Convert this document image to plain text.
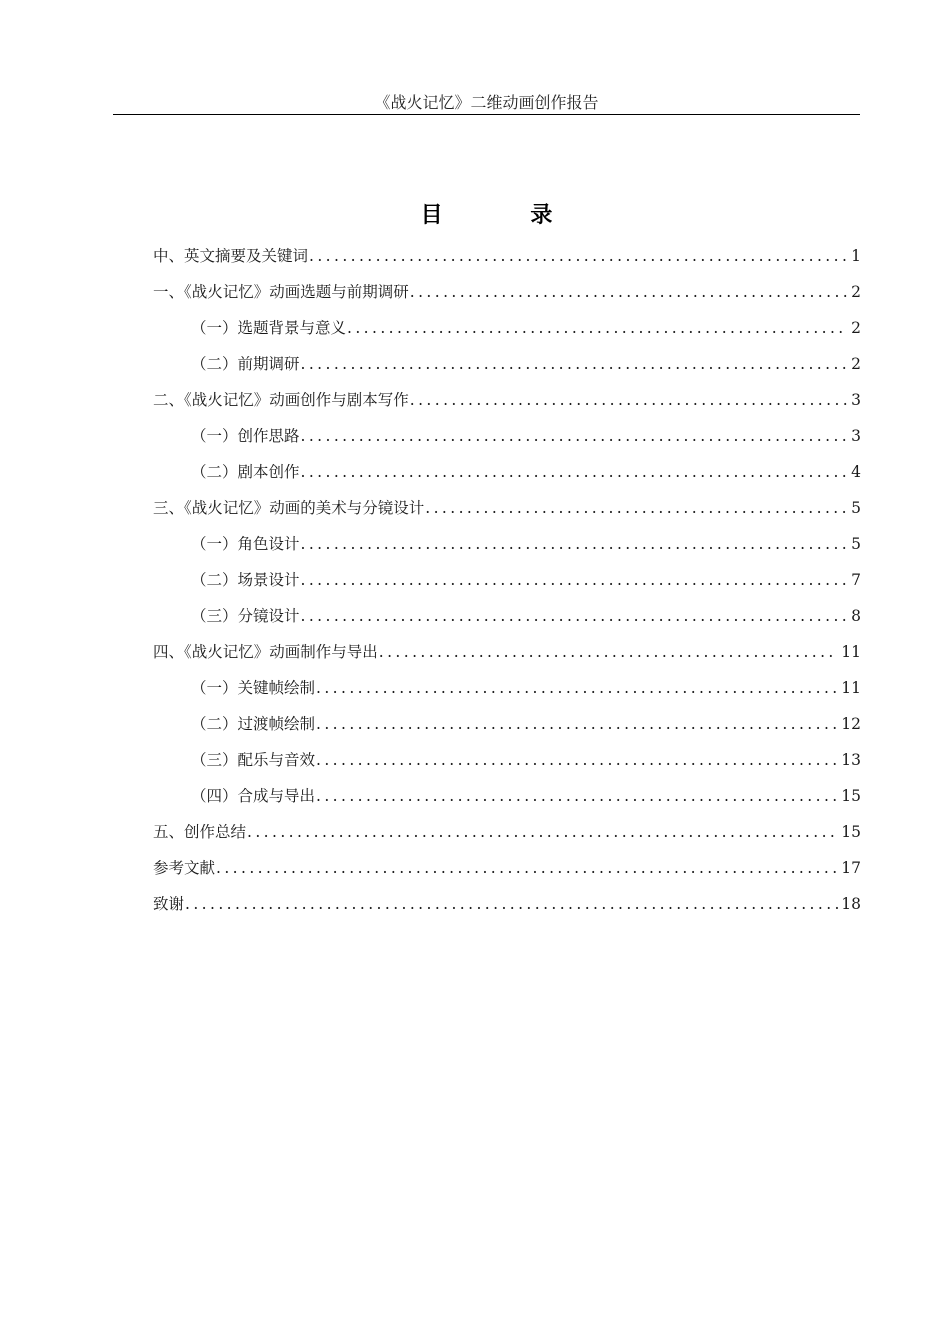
《战火记忆》二维动画创作报告
目 录
中、英文摘要及关键词 .....	1
一、《战火记忆》动画选题与前期调研 .....	2
（一）选题背景与意义 .....	2
（二）前期调研 .....	2
二、《战火记忆》动画创作与剧本写作 .....	3
（一）创作思路 .....	3
（二）剧本创作 .....	4
三、《战火记忆》动画的美术与分镜设计 .....	5
（一）角色设计 .....	5
（二）场景设计 .....	7
（三）分镜设计 .....	8
四、《战火记忆》动画制作与导出 .....	11
（一）关键帧绘制 .....	11
（二）过渡帧绘制 .....	12
（三）配乐与音效 .....	13
（四）合成与导出 .....	15
五、创作总结 .....	15
参考文献 .....	17
致谢 .....	18
